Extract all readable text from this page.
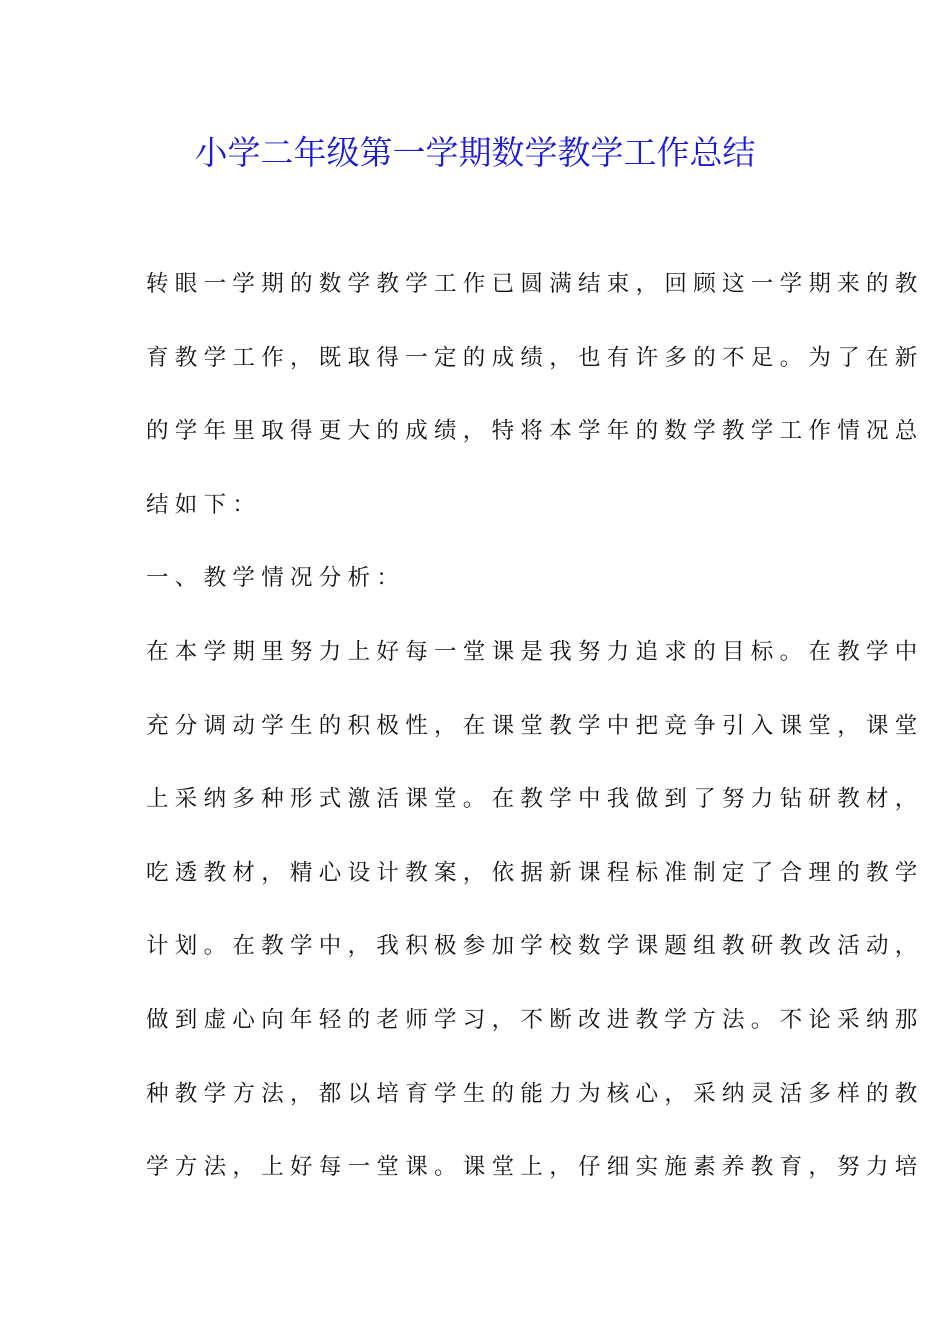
小学二年级第一学期数学教学工作总结
转眼一学期的数学教学工作已圆满结束，回顾这一学期来的教
育教学工作，既取得一定的成绩，也有许多的不足。为了在新
的学年里取得更大的成绩，特将本学年的数学教学工作情况总
结如下：
一、教学情况分析：
在本学期里努力上好每一堂课是我努力追求的目标。在教学中
充分调动学生的积极性，在课堂教学中把竞争引入课堂，课堂
上采纳多种形式激活课堂。在教学中我做到了努力钻研教材，
吃透教材，精心设计教案，依据新课程标准制定了合理的教学
计划。在教学中，我积极参加学校数学课题组教研教改活动，
做到虚心向年轻的老师学习，不断改进教学方法。不论采纳那
种教学方法，都以培育学生的能力为核心，采纳灵活多样的教
学方法，上好每一堂课。课堂上，仔细实施素养教育，努力培
